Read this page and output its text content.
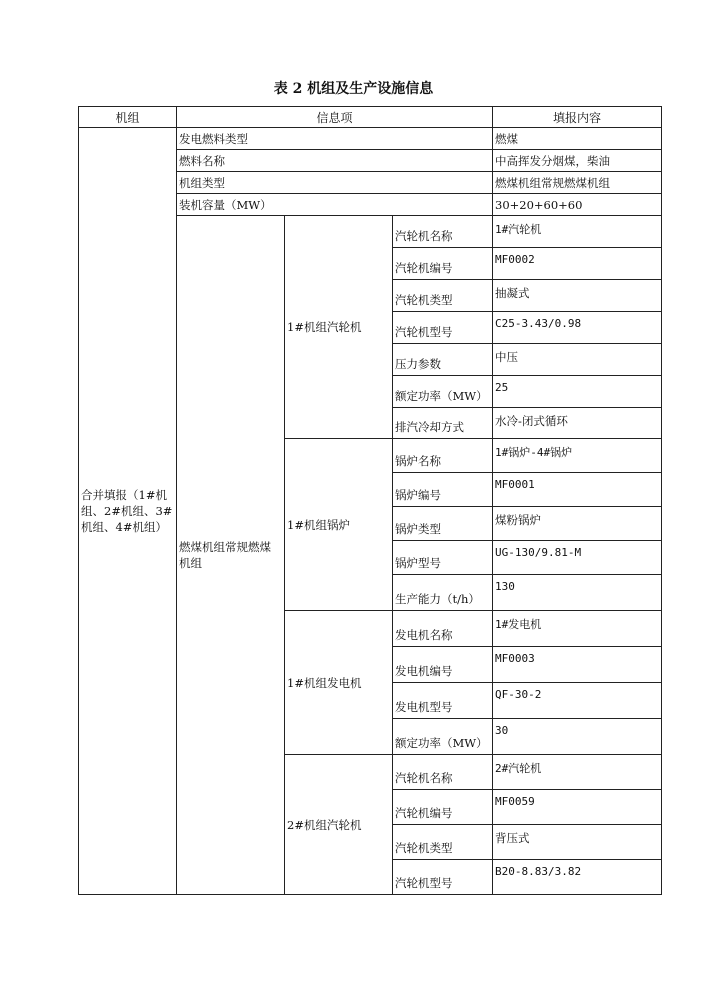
表 2 机组及生产设施信息
机组	信息项			填报内容
合并填报（1#机组、2#机组、3#机组、4#机组）	发电燃料类型			燃煤
	燃料名称			中高挥发分烟煤，柴油
	机组类型			燃煤机组常规燃煤机组
	装机容量（MW）			30+20+60+60
	燃煤机组常规燃煤机组	1#机组汽轮机	汽轮机名称	1#汽轮机
			汽轮机编号	MF0002
			汽轮机类型	抽凝式
			汽轮机型号	C25-3.43/0.98
			压力参数	中压
			额定功率（MW）	25
			排汽冷却方式	水冷-闭式循环
		1#机组锅炉	锅炉名称	1#锅炉-4#锅炉
			锅炉编号	MF0001
			锅炉类型	煤粉锅炉
			锅炉型号	UG-130/9.81-M
			生产能力（t/h）	130
		1#机组发电机	发电机名称	1#发电机
			发电机编号	MF0003
			发电机型号	QF-30-2
			额定功率（MW）	30
		2#机组汽轮机	汽轮机名称	2#汽轮机
			汽轮机编号	MF0059
			汽轮机类型	背压式
			汽轮机型号	B20-8.83/3.82
